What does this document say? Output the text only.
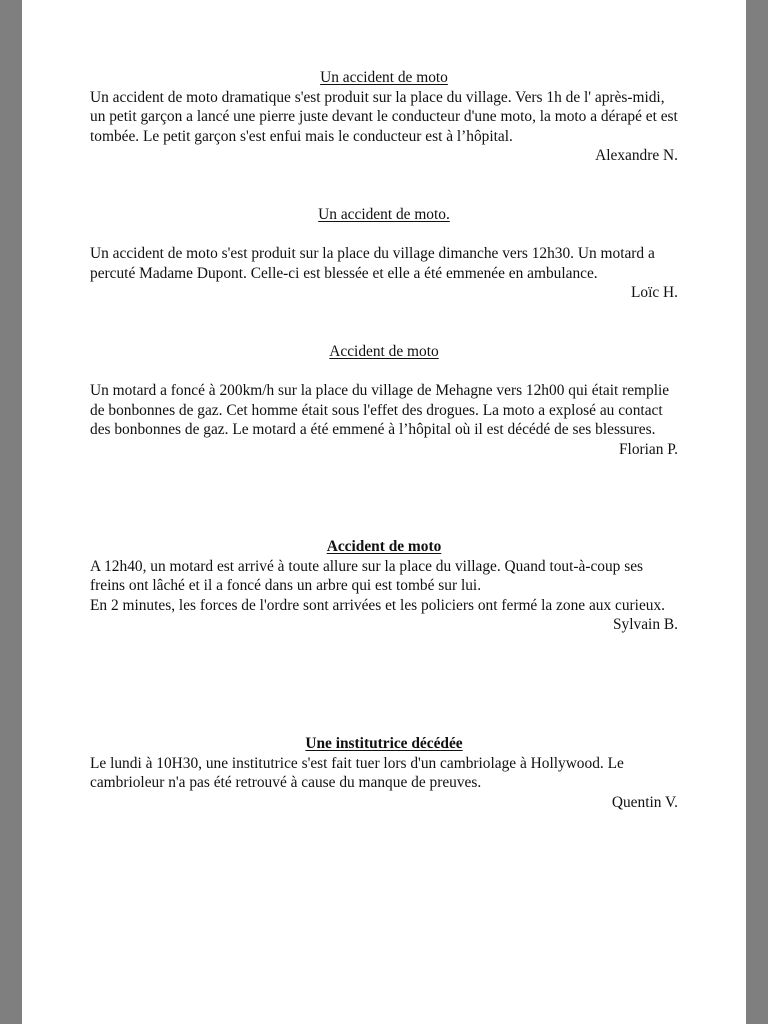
Un accident de moto

Un accident de moto dramatique s'est produit sur la place du village. Vers 1h de l' après-midi, un petit garçon a lancé une pierre juste devant le conducteur d'une moto, la moto a dérapé et est tombée. Le petit garçon s'est enfui mais le conducteur est à l’hôpital.

Alexandre N.
Un accident de moto.

Un accident de moto s'est produit sur la place du village dimanche vers 12h30. Un motard a percuté Madame Dupont. Celle-ci est blessée et elle a été emmenée en ambulance.

Loïc H.
Accident de moto

Un motard a foncé à 200km/h sur la place du village de Mehagne vers 12h00 qui était remplie de bonbonnes de gaz. Cet homme était sous l'effet des drogues. La moto a explosé au contact des bonbonnes de gaz. Le motard a été emmené à l’hôpital où il est décédé de ses blessures.

Florian P.
Accident de moto

A 12h40, un motard est arrivé à toute allure sur la place du village. Quand tout-à-coup ses freins ont lâché et il a foncé dans un arbre qui est tombé sur lui.

En 2 minutes, les forces de l'ordre sont arrivées et les policiers ont fermé la zone aux curieux.

Sylvain B.
Une institutrice décédée

Le lundi à 10H30, une institutrice s'est fait tuer lors d'un cambriolage à Hollywood. Le cambrioleur n'a pas été retrouvé à cause du manque de preuves.

Quentin V.
